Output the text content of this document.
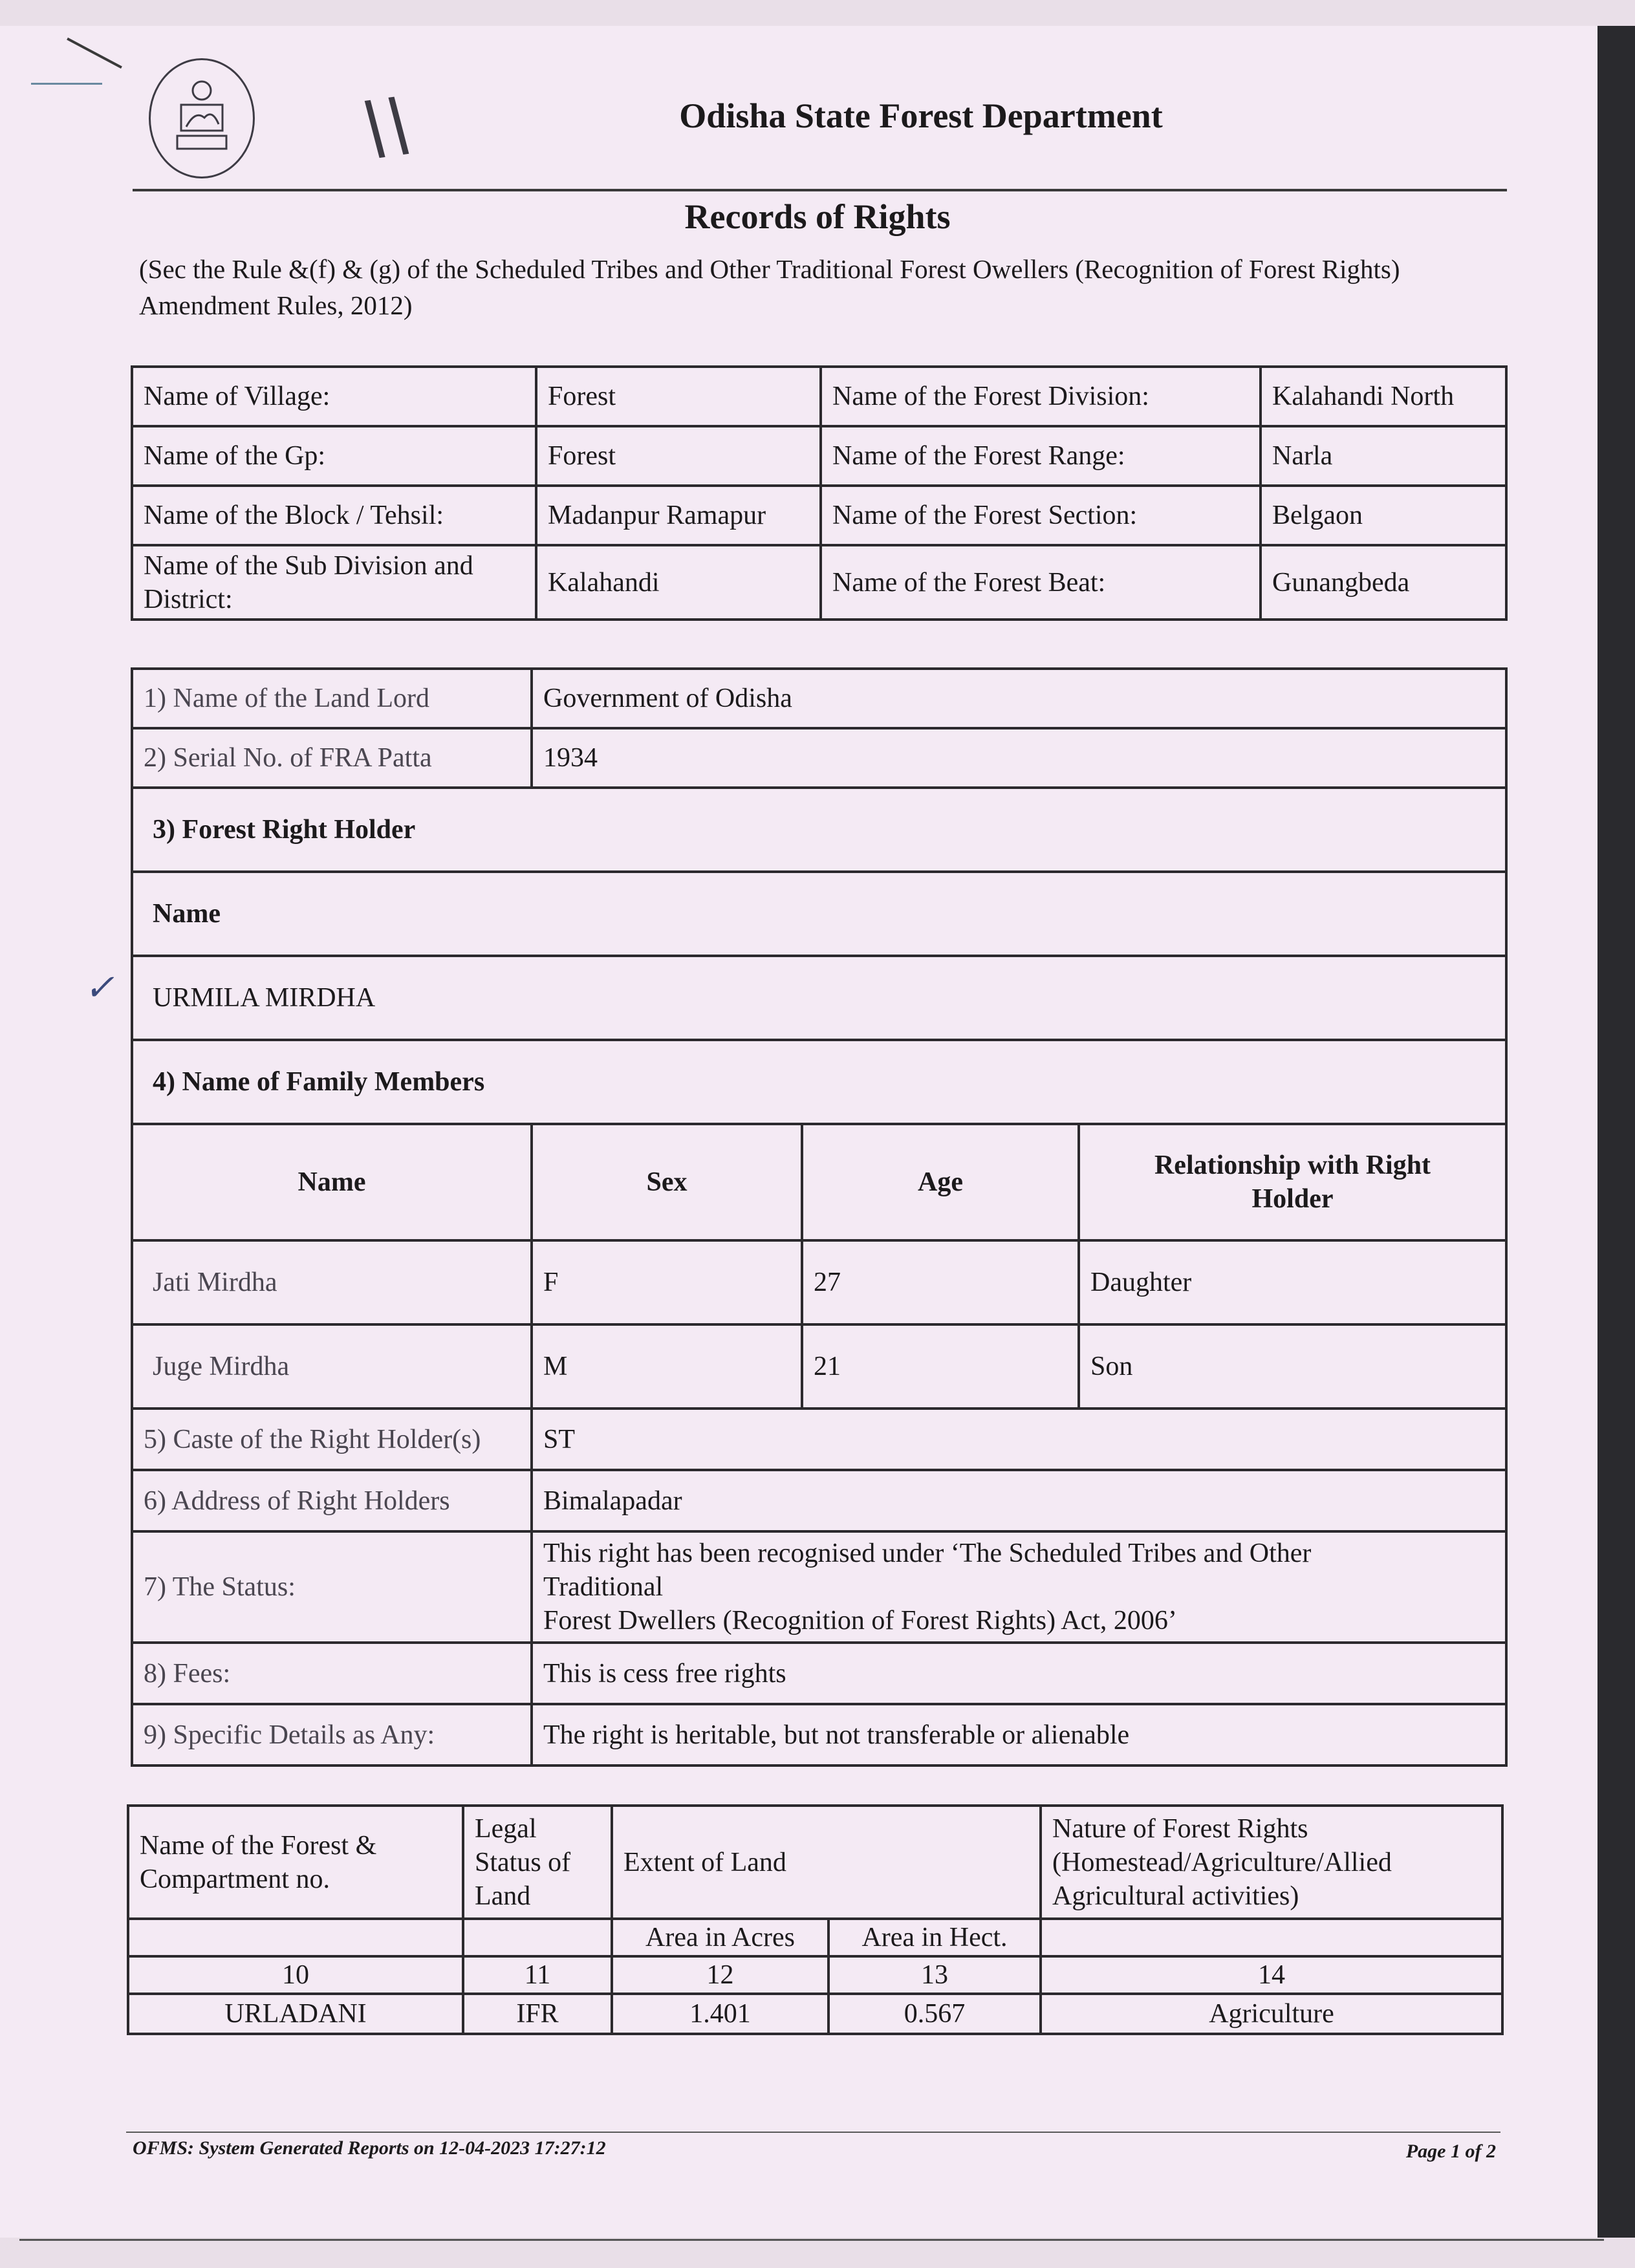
\\
✓
Odisha State Forest Department
Records of Rights
(Sec the Rule &(f) & (g) of the Scheduled Tribes and Other Traditional Forest Owellers (Recognition of Forest Rights) Amendment Rules, 2012)
Name of Village:	Forest	Name of the Forest Division:	Kalahandi North
Name of the Gp:	Forest	Name of the Forest Range:	Narla
Name of the Block / Tehsil:	Madanpur Ramapur	Name of the Forest Section:	Belgaon
Name of the Sub Division and District:	Kalahandi	Name of the Forest Beat:	Gunangbeda
1) Name of the Land Lord	Government of Odisha		
2) Serial No. of FRA Patta	1934		
3) Forest Right Holder			
Name			
URMILA MIRDHA			
4) Name of Family Members			
Name	Sex	Age	Relationship with Right Holder
Jati Mirdha	F	27	Daughter
Juge Mirdha	M	21	Son
5) Caste of the Right Holder(s)	ST		
6) Address of Right Holders	Bimalapadar		
7) The Status:	This right has been recognised under ‘The Scheduled Tribes and Other Traditional
Forest Dwellers (Recognition of Forest Rights) Act, 2006’		

8) Fees:	This is cess free rights		
9) Specific Details as Any:	The right is heritable, but not transferable or alienable		
Name of the Forest & Compartment no.	Legal Status of Land	Extent of Land		Nature of Forest Rights (Homestead/Agriculture/Allied Agricultural activities)
		Area in Acres	Area in Hect.	
10	11	12	13	14
URLADANI	IFR	1.401	0.567	Agriculture
OFMS: System Generated Reports on 12-04-2023 17:27:12	Page 1 of 2
